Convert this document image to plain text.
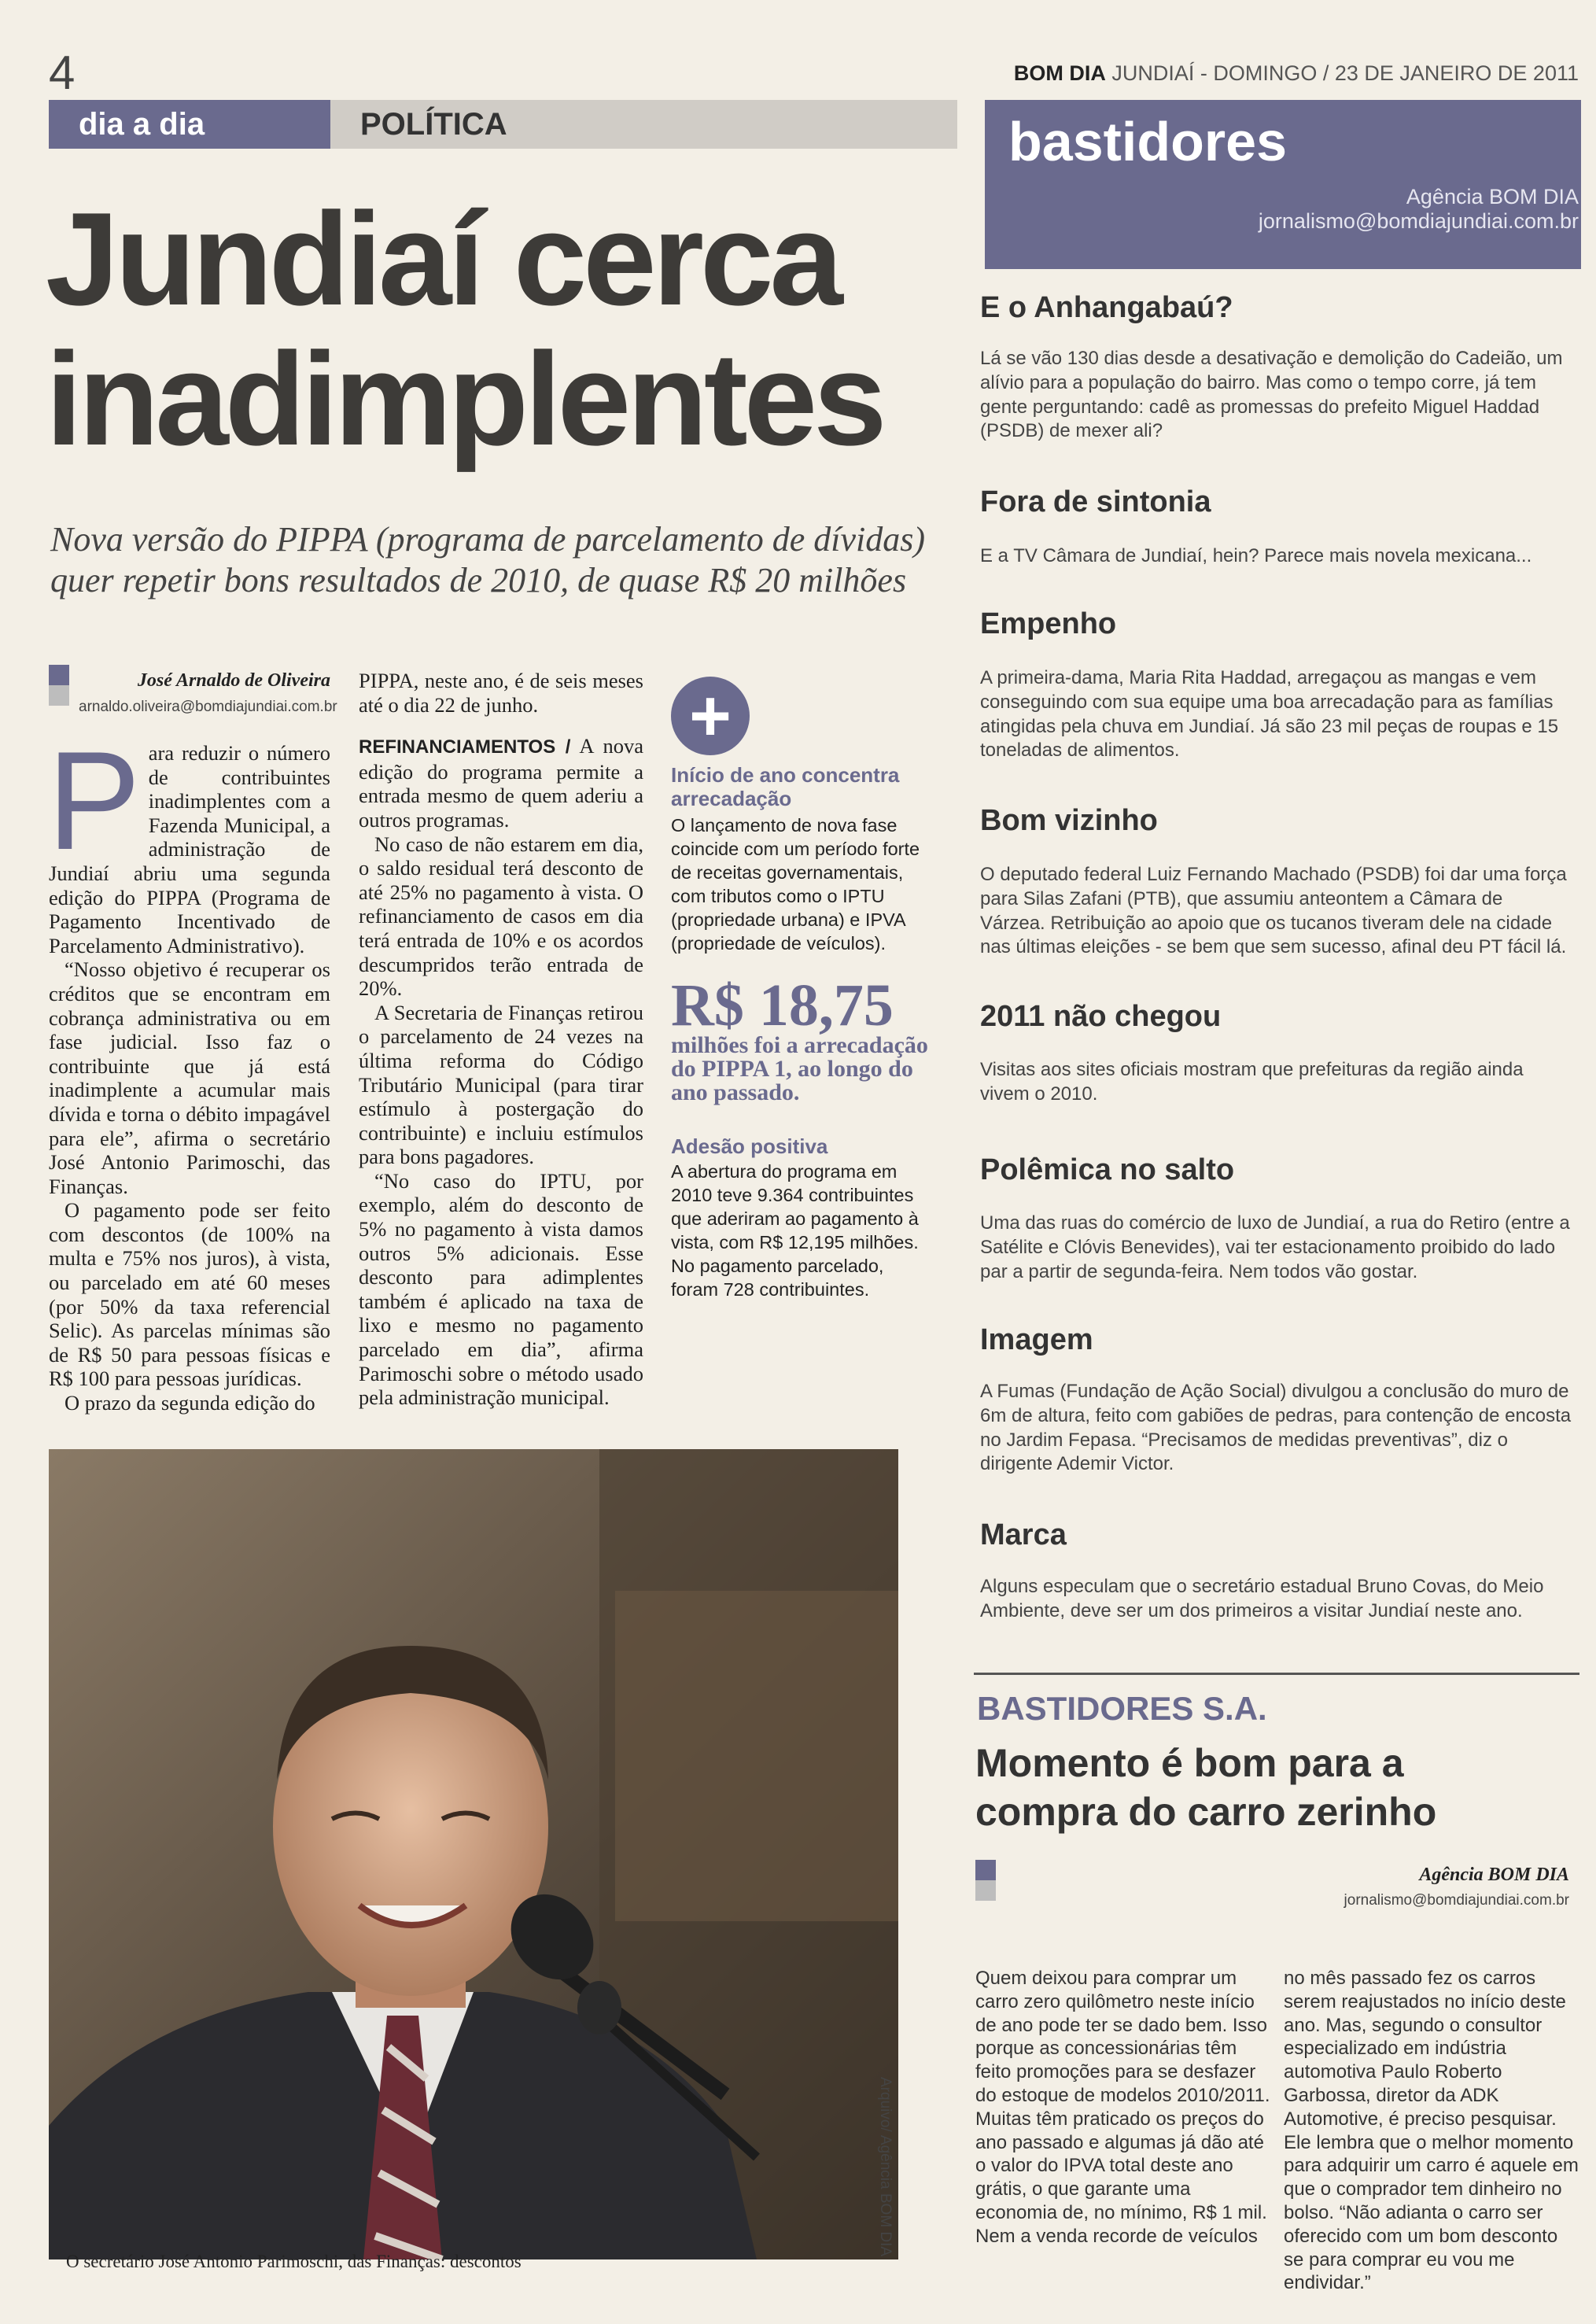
4	BOM DIA JUNDIAÍ - DOMINGO / 23 DE JANEIRO DE 2011
dia a dia	POLÍTICA
Jundiaí cerca
inadimplentes
Nova versão do PIPPA (programa de parcelamento de dívidas)
quer repetir bons resultados de 2010, de quase R$ 20 milhões
José Arnaldo de Oliveira
arnaldo.oliveira@bomdiajundiai.com.br

Para reduzir o número de contribuintes inadimplentes com a Fazenda Municipal, a administração de Jundiaí abriu uma segunda edição do PIPPA (Programa de Pagamento Incentivado de Parcelamento Administrativo).

“Nosso objetivo é recuperar os créditos que se encontram em cobrança administrativa ou em fase judicial. Isso faz o contribuinte que já está inadimplente a acumular mais dívida e torna o débito impagável para ele”, afirma o secretário José Antonio Parimoschi, das Finanças.

O pagamento pode ser feito com descontos (de 100% na multa e 75% nos juros), à vista, ou parcelado em até 60 meses (por 50% da taxa referencial Selic). As parcelas mínimas são de R$ 50 para pessoas físicas e R$ 100 para pessoas jurídicas.

O prazo da segunda edição do

PIPPA, neste ano, é de seis meses até o dia 22 de junho.

REFINANCIAMENTOS / A nova edição do programa permite a entrada mesmo de quem aderiu a outros programas.

No caso de não estarem em dia, o saldo residual terá desconto de até 25% no pagamento à vista. O refinanciamento de casos em dia terá entrada de 10% e os acordos descumpridos terão entrada de 20%.

A Secretaria de Finanças retirou o parcelamento de 24 vezes na última reforma do Código Tributário Municipal (para tirar estímulo à postergação do contribuinte) e incluiu estímulos para bons pagadores.

“No caso do IPTU, por exemplo, além do desconto de 5% no pagamento à vista damos outros 5% adicionais. Esse desconto para adimplentes também é aplicado na taxa de lixo e mesmo no pagamento parcelado em dia”, afirma Parimoschi sobre o método usado pela administração municipal.

+
Início de ano concentra arrecadação
O lançamento de nova fase coincide com um período forte de receitas governamentais, com tributos como o IPTU (propriedade urbana) e IPVA (propriedade de veículos).
R$ 18,75
milhões foi a arrecadação do PIPPA 1, ao longo do ano passado.
Adesão positiva
A abertura do programa em 2010 teve 9.364 contribuintes que aderiram ao pagamento à vista, com R$ 12,195 milhões. No pagamento parcelado, foram 728 contribuintes.
Arquivo/ Agência BOM DIA
O secretário José Antonio Parimoschi, das Finanças: descontos
bastidores
Agência BOM DIA
jornalismo@bomdiajundiai.com.br
E o Anhangabaú?
Lá se vão 130 dias desde a desativação e demolição do Cadeião, um alívio para a população do bairro. Mas como o tempo corre, já tem gente perguntando: cadê as promessas do prefeito Miguel Haddad (PSDB) de mexer ali?
Fora de sintonia
E a TV Câmara de Jundiaí, hein? Parece mais novela mexicana...
Empenho
A primeira-dama, Maria Rita Haddad, arregaçou as mangas e vem conseguindo com sua equipe uma boa arrecadação para as famílias atingidas pela chuva em Jundiaí. Já são 23 mil peças de roupas e 15 toneladas de alimentos.
Bom vizinho
O deputado federal Luiz Fernando Machado (PSDB) foi dar uma força para Silas Zafani (PTB), que assumiu anteontem a Câmara de Várzea. Retribuição ao apoio que os tucanos tiveram dele na cidade nas últimas eleições - se bem que sem sucesso, afinal deu PT fácil lá.
2011 não chegou
Visitas aos sites oficiais mostram que prefeituras da região ainda vivem o 2010.
Polêmica no salto
Uma das ruas do comércio de luxo de Jundiaí, a rua do Retiro (entre a Satélite e Clóvis Benevides), vai ter estacionamento proibido do lado par a partir de segunda-feira. Nem todos vão gostar.
Imagem
A Fumas (Fundação de Ação Social) divulgou a conclusão do muro de 6m de altura, feito com gabiões de pedras, para contenção de encosta no Jardim Fepasa. “Precisamos de medidas preventivas”, diz o dirigente Ademir Victor.
Marca
Alguns especulam que o secretário estadual Bruno Covas, do Meio Ambiente, deve ser um dos primeiros a visitar Jundiaí neste ano.
BASTIDORES S.A.
Momento é bom para a
compra do carro zerinho
Agência BOM DIA
jornalismo@bomdiajundiai.com.br
Quem deixou para comprar um carro zero quilômetro neste início de ano pode ter se dado bem. Isso porque as concessionárias têm feito promoções para se desfazer do estoque de modelos 2010/2011. Muitas têm praticado os preços do ano passado e algumas já dão até o valor do IPVA total deste ano grátis, o que garante uma economia de, no mínimo, R$ 1 mil.
Nem a venda recorde de veículos
no mês passado fez os carros serem reajustados no início deste ano. Mas, segundo o consultor especializado em indústria automotiva Paulo Roberto Garbossa, diretor da ADK Automotive, é preciso pesquisar. Ele lembra que o melhor momento para adquirir um carro é aquele em que o comprador tem dinheiro no bolso. “Não adianta o carro ser oferecido com um bom desconto se para comprar eu vou me endividar.”
